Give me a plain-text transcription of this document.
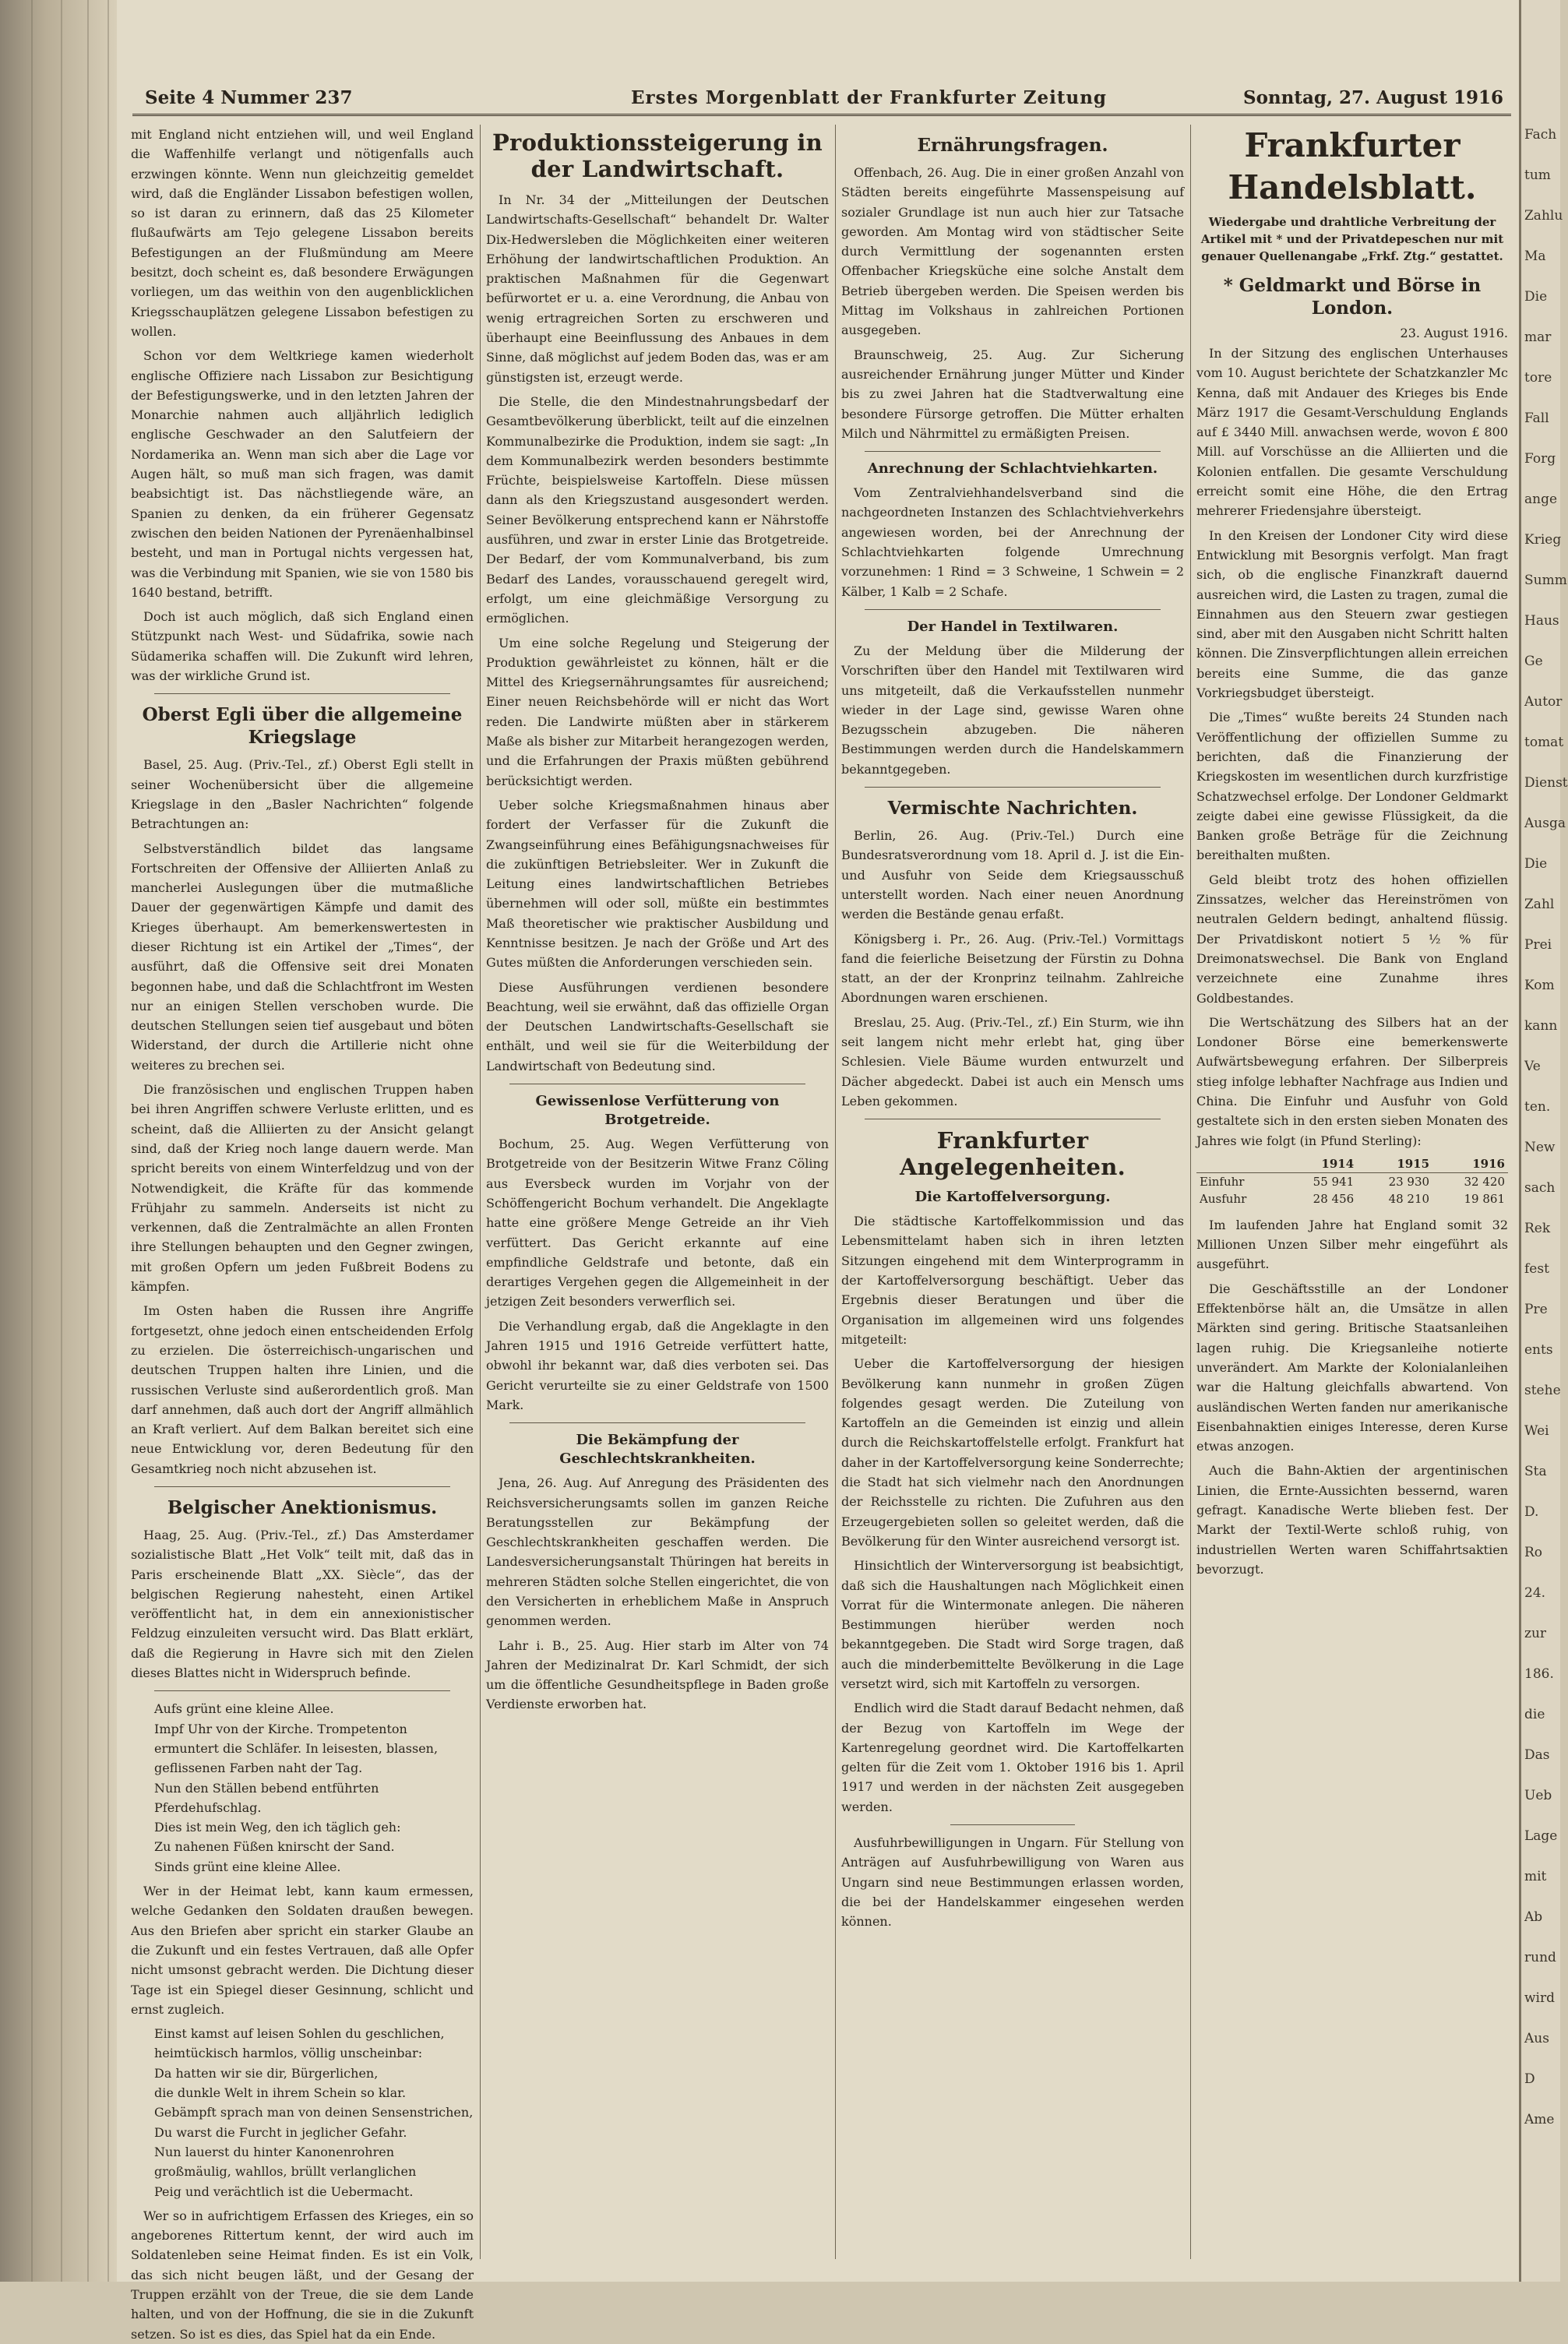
Seite 4 Nummer 237	Erstes Morgenblatt der Frankfurter Zeitung	Sonntag, 27. August 1916

mit England nicht entziehen will, und weil England die Waffenhilfe verlangt und nötigenfalls auch erzwingen könnte. Wenn nun gleichzeitig gemeldet wird, daß die Engländer Lissabon befestigen wollen, so ist daran zu erinnern, daß das 25 Kilometer flußaufwärts am Tejo gelegene Lissabon bereits Befestigungen an der Flußmündung am Meere besitzt, doch scheint es, daß besondere Erwägungen vorliegen, um das weithin von den augenblicklichen Kriegsschauplätzen gelegene Lissabon befestigen zu wollen.

Schon vor dem Weltkriege kamen wiederholt englische Offiziere nach Lissabon zur Besichtigung der Befestigungswerke, und in den letzten Jahren der Monarchie nahmen auch alljährlich lediglich englische Geschwader an den Salutfeiern der Nordamerika an. Wenn man sich aber die Lage vor Augen hält, so muß man sich fragen, was damit beabsichtigt ist. Das nächstliegende wäre, an Spanien zu denken, da ein früherer Gegensatz zwischen den beiden Nationen der Pyrenäenhalbinsel besteht, und man in Portugal nichts vergessen hat, was die Verbindung mit Spanien, wie sie von 1580 bis 1640 bestand, betrifft.

Doch ist auch möglich, daß sich England einen Stützpunkt nach West- und Südafrika, sowie nach Südamerika schaffen will. Die Zukunft wird lehren, was der wirkliche Grund ist.

Oberst Egli über die allgemeine Kriegslage

Basel, 25. Aug. (Priv.-Tel., zf.) Oberst Egli stellt in seiner Wochenübersicht über die allgemeine Kriegslage in den „Basler Nachrichten“ folgende Betrachtungen an:

Selbstverständlich bildet das langsame Fortschreiten der Offensive der Alliierten Anlaß zu mancherlei Auslegungen über die mutmaßliche Dauer der gegenwärtigen Kämpfe und damit des Krieges überhaupt. Am bemerkenswertesten in dieser Richtung ist ein Artikel der „Times“, der ausführt, daß die Offensive seit drei Monaten begonnen habe, und daß die Schlachtfront im Westen nur an einigen Stellen verschoben wurde. Die deutschen Stellungen seien tief ausgebaut und böten Widerstand, der durch die Artillerie nicht ohne weiteres zu brechen sei.

Die französischen und englischen Truppen haben bei ihren Angriffen schwere Verluste erlitten, und es scheint, daß die Alliierten zu der Ansicht gelangt sind, daß der Krieg noch lange dauern werde. Man spricht bereits von einem Winterfeldzug und von der Notwendigkeit, die Kräfte für das kommende Frühjahr zu sammeln. Anderseits ist nicht zu verkennen, daß die Zentralmächte an allen Fronten ihre Stellungen behaupten und den Gegner zwingen, mit großen Opfern um jeden Fußbreit Bodens zu kämpfen.

Im Osten haben die Russen ihre Angriffe fortgesetzt, ohne jedoch einen entscheidenden Erfolg zu erzielen. Die österreichisch-ungarischen und deutschen Truppen halten ihre Linien, und die russischen Verluste sind außerordentlich groß. Man darf annehmen, daß auch dort der Angriff allmählich an Kraft verliert. Auf dem Balkan bereitet sich eine neue Entwicklung vor, deren Bedeutung für den Gesamtkrieg noch nicht abzusehen ist.

Belgischer Anektionismus.

Haag, 25. Aug. (Priv.-Tel., zf.) Das Amsterdamer sozialistische Blatt „Het Volk“ teilt mit, daß das in Paris erscheinende Blatt „XX. Siècle“, das der belgischen Regierung nahesteht, einen Artikel veröffentlicht hat, in dem ein annexionistischer Feldzug einzuleiten versucht wird. Das Blatt erklärt, daß die Regierung in Havre sich mit den Zielen dieses Blattes nicht in Widerspruch befinde.

Aufs grünt eine kleine Allee.
Impf Uhr von der Kirche. Trompetenton
ermuntert die Schläfer. In leisesten, blassen,
geflissenen Farben naht der Tag.
Nun den Ställen bebend entführten Pferdehufschlag.
Dies ist mein Weg, den ich täglich geh:
Zu nahenen Füßen knirscht der Sand.
Sinds grünt eine kleine Allee.

Wer in der Heimat lebt, kann kaum ermessen, welche Gedanken den Soldaten draußen bewegen. Aus den Briefen aber spricht ein starker Glaube an die Zukunft und ein festes Vertrauen, daß alle Opfer nicht umsonst gebracht werden. Die Dichtung dieser Tage ist ein Spiegel dieser Gesinnung, schlicht und ernst zugleich.

Einst kamst auf leisen Sohlen du geschlichen,
heimtückisch harmlos, völlig unscheinbar:
Da hatten wir sie dir, Bürgerlichen,
die dunkle Welt in ihrem Schein so klar.
Gebämpft sprach man von deinen Sensenstrichen,
Du warst die Furcht in jeglicher Gefahr.
Nun lauerst du hinter Kanonenrohren
großmäulig, wahllos, brüllt verlanglichen
Peig und verächtlich ist die Uebermacht.

Wer so in aufrichtigem Erfassen des Krieges, ein so angeborenes Rittertum kennt, der wird auch im Soldatenleben seine Heimat finden. Es ist ein Volk, das sich nicht beugen läßt, und der Gesang der Truppen erzählt von der Treue, die sie dem Lande halten, und von der Hoffnung, die sie in die Zukunft setzen. So ist es dies, das Spiel hat da ein Ende.

Produktionssteigerung in der Landwirtschaft.

In Nr. 34 der „Mitteilungen der Deutschen Landwirtschafts-Gesellschaft“ behandelt Dr. Walter Dix-Hedwersleben die Möglichkeiten einer weiteren Erhöhung der landwirtschaftlichen Produktion. An praktischen Maßnahmen für die Gegenwart befürwortet er u. a. eine Verordnung, die Anbau von wenig ertragreichen Sorten zu erschweren und überhaupt eine Beeinflussung des Anbaues in dem Sinne, daß möglichst auf jedem Boden das, was er am günstigsten ist, erzeugt werde.

Die Stelle, die den Mindestnahrungsbedarf der Gesamtbevölkerung überblickt, teilt auf die einzelnen Kommunalbezirke die Produktion, indem sie sagt: „In dem Kommunalbezirk werden besonders bestimmte Früchte, beispielsweise Kartoffeln. Diese müssen dann als den Kriegszustand ausgesondert werden. Seiner Bevölkerung entsprechend kann er Nährstoffe ausführen, und zwar in erster Linie das Brotgetreide. Der Bedarf, der vom Kommunalverband, bis zum Bedarf des Landes, vorausschauend geregelt wird, erfolgt, um eine gleichmäßige Versorgung zu ermöglichen.

Um eine solche Regelung und Steigerung der Produktion gewährleistet zu können, hält er die Mittel des Kriegsernährungsamtes für ausreichend; Einer neuen Reichsbehörde will er nicht das Wort reden. Die Landwirte müßten aber in stärkerem Maße als bisher zur Mitarbeit herangezogen werden, und die Erfahrungen der Praxis müßten gebührend berücksichtigt werden.

Ueber solche Kriegsmaßnahmen hinaus aber fordert der Verfasser für die Zukunft die Zwangseinführung eines Befähigungsnachweises für die zukünftigen Betriebsleiter. Wer in Zukunft die Leitung eines landwirtschaftlichen Betriebes übernehmen will oder soll, müßte ein bestimmtes Maß theoretischer wie praktischer Ausbildung und Kenntnisse besitzen. Je nach der Größe und Art des Gutes müßten die Anforderungen verschieden sein.

Diese Ausführungen verdienen besondere Beachtung, weil sie erwähnt, daß das offizielle Organ der Deutschen Landwirtschafts-Gesellschaft sie enthält, und weil sie für die Weiterbildung der Landwirtschaft von Bedeutung sind.

Gewissenlose Verfütterung von Brotgetreide.

Bochum, 25. Aug. Wegen Verfütterung von Brotgetreide von der Besitzerin Witwe Franz Cöling aus Eversbeck wurden im Vorjahr von der Schöffengericht Bochum verhandelt. Die Angeklagte hatte eine größere Menge Getreide an ihr Vieh verfüttert. Das Gericht erkannte auf eine empfindliche Geldstrafe und betonte, daß ein derartiges Vergehen gegen die Allgemeinheit in der jetzigen Zeit besonders verwerflich sei.

Die Verhandlung ergab, daß die Angeklagte in den Jahren 1915 und 1916 Getreide verfüttert hatte, obwohl ihr bekannt war, daß dies verboten sei. Das Gericht verurteilte sie zu einer Geldstrafe von 1500 Mark.

Die Bekämpfung der Geschlechtskrankheiten.

Jena, 26. Aug. Auf Anregung des Präsidenten des Reichsversicherungsamts sollen im ganzen Reiche Beratungsstellen zur Bekämpfung der Geschlechtskrankheiten geschaffen werden. Die Landesversicherungsanstalt Thüringen hat bereits in mehreren Städten solche Stellen eingerichtet, die von den Versicherten in erheblichem Maße in Anspruch genommen werden.

Lahr i. B., 25. Aug. Hier starb im Alter von 74 Jahren der Medizinalrat Dr. Karl Schmidt, der sich um die öffentliche Gesundheitspflege in Baden große Verdienste erworben hat.

Ernährungsfragen.

Offenbach, 26. Aug. Die in einer großen Anzahl von Städten bereits eingeführte Massenspeisung auf sozialer Grundlage ist nun auch hier zur Tatsache geworden. Am Montag wird von städtischer Seite durch Vermittlung der sogenannten ersten Offenbacher Kriegsküche eine solche Anstalt dem Betrieb übergeben werden. Die Speisen werden bis Mittag im Volkshaus in zahlreichen Portionen ausgegeben.

Braunschweig, 25. Aug. Zur Sicherung ausreichender Ernährung junger Mütter und Kinder bis zu zwei Jahren hat die Stadtverwaltung eine besondere Fürsorge getroffen. Die Mütter erhalten Milch und Nährmittel zu ermäßigten Preisen.

Anrechnung der Schlachtviehkarten.

Vom Zentralviehhandelsverband sind die nachgeordneten Instanzen des Schlachtviehverkehrs angewiesen worden, bei der Anrechnung der Schlachtviehkarten folgende Umrechnung vorzunehmen: 1 Rind = 3 Schweine, 1 Schwein = 2 Kälber, 1 Kalb = 2 Schafe.

Der Handel in Textilwaren.

Zu der Meldung über die Milderung der Vorschriften über den Handel mit Textilwaren wird uns mitgeteilt, daß die Verkaufsstellen nunmehr wieder in der Lage sind, gewisse Waren ohne Bezugsschein abzugeben. Die näheren Bestimmungen werden durch die Handelskammern bekanntgegeben.

Vermischte Nachrichten.

Berlin, 26. Aug. (Priv.-Tel.) Durch eine Bundesratsverordnung vom 18. April d. J. ist die Ein- und Ausfuhr von Seide dem Kriegsausschuß unterstellt worden. Nach einer neuen Anordnung werden die Bestände genau erfaßt.

Königsberg i. Pr., 26. Aug. (Priv.-Tel.) Vormittags fand die feierliche Beisetzung der Fürstin zu Dohna statt, an der der Kronprinz teilnahm. Zahlreiche Abordnungen waren erschienen.

Breslau, 25. Aug. (Priv.-Tel., zf.) Ein Sturm, wie ihn seit langem nicht mehr erlebt hat, ging über Schlesien. Viele Bäume wurden entwurzelt und Dächer abgedeckt. Dabei ist auch ein Mensch ums Leben gekommen.

Frankfurter Angelegenheiten.
Die Kartoffelversorgung.

Die städtische Kartoffelkommission und das Lebensmittelamt haben sich in ihren letzten Sitzungen eingehend mit dem Winterprogramm in der Kartoffelversorgung beschäftigt. Ueber das Ergebnis dieser Beratungen und über die Organisation im allgemeinen wird uns folgendes mitgeteilt:

Ueber die Kartoffelversorgung der hiesigen Bevölkerung kann nunmehr in großen Zügen folgendes gesagt werden. Die Zuteilung von Kartoffeln an die Gemeinden ist einzig und allein durch die Reichskartoffelstelle erfolgt. Frankfurt hat daher in der Kartoffelversorgung keine Sonderrechte; die Stadt hat sich vielmehr nach den Anordnungen der Reichsstelle zu richten. Die Zufuhren aus den Erzeugergebieten sollen so geleitet werden, daß die Bevölkerung für den Winter ausreichend versorgt ist.

Hinsichtlich der Winterversorgung ist beabsichtigt, daß sich die Haushaltungen nach Möglichkeit einen Vorrat für die Wintermonate anlegen. Die näheren Bestimmungen hierüber werden noch bekanntgegeben. Die Stadt wird Sorge tragen, daß auch die minderbemittelte Bevölkerung in die Lage versetzt wird, sich mit Kartoffeln zu versorgen.

Endlich wird die Stadt darauf Bedacht nehmen, daß der Bezug von Kartoffeln im Wege der Kartenregelung geordnet wird. Die Kartoffelkarten gelten für die Zeit vom 1. Oktober 1916 bis 1. April 1917 und werden in der nächsten Zeit ausgegeben werden.

Ausfuhrbewilligungen in Ungarn. Für Stellung von Anträgen auf Ausfuhrbewilligung von Waren aus Ungarn sind neue Bestimmungen erlassen worden, die bei der Handelskammer eingesehen werden können.

Frankfurter Handelsblatt.
Wiedergabe und drahtliche Verbreitung der Artikel mit * und der Privatdepeschen nur mit genauer Quellenangabe „Frkf. Ztg.“ gestattet.
* Geldmarkt und Börse in London.

23. August 1916.

In der Sitzung des englischen Unterhauses vom 10. August berichtete der Schatzkanzler Mc Kenna, daß mit Andauer des Krieges bis Ende März 1917 die Gesamt-Verschuldung Englands auf £ 3440 Mill. anwachsen werde, wovon £ 800 Mill. auf Vorschüsse an die Alliierten und die Kolonien entfallen. Die gesamte Verschuldung erreicht somit eine Höhe, die den Ertrag mehrerer Friedensjahre übersteigt.

In den Kreisen der Londoner City wird diese Entwicklung mit Besorgnis verfolgt. Man fragt sich, ob die englische Finanzkraft dauernd ausreichen wird, die Lasten zu tragen, zumal die Einnahmen aus den Steuern zwar gestiegen sind, aber mit den Ausgaben nicht Schritt halten können. Die Zinsverpflichtungen allein erreichen bereits eine Summe, die das ganze Vorkriegsbudget übersteigt.

Die „Times“ wußte bereits 24 Stunden nach Veröffentlichung der offiziellen Summe zu berichten, daß die Finanzierung der Kriegskosten im wesentlichen durch kurzfristige Schatzwechsel erfolge. Der Londoner Geldmarkt zeigte dabei eine gewisse Flüssigkeit, da die Banken große Beträge für die Zeichnung bereithalten mußten.

Geld bleibt trotz des hohen offiziellen Zinssatzes, welcher das Hereinströmen von neutralen Geldern bedingt, anhaltend flüssig. Der Privatdiskont notiert 5 ½ % für Dreimonatswechsel. Die Bank von England verzeichnete eine Zunahme ihres Goldbestandes.

Die Wertschätzung des Silbers hat an der Londoner Börse eine bemerkenswerte Aufwärtsbewegung erfahren. Der Silberpreis stieg infolge lebhafter Nachfrage aus Indien und China. Die Einfuhr und Ausfuhr von Gold gestaltete sich in den ersten sieben Monaten des Jahres wie folgt (in Pfund Sterling):

	1914	1915	1916
Einfuhr	55 941	23 930	32 420
Ausfuhr	28 456	48 210	19 861

Im laufenden Jahre hat England somit 32 Millionen Unzen Silber mehr eingeführt als ausgeführt.

Die Geschäftsstille an der Londoner Effektenbörse hält an, die Umsätze in allen Märkten sind gering. Britische Staatsanleihen lagen ruhig. Die Kriegsanleihe notierte unverändert. Am Markte der Kolonialanleihen war die Haltung gleichfalls abwartend. Von ausländischen Werten fanden nur amerikanische Eisenbahnaktien einiges Interesse, deren Kurse etwas anzogen.

Auch die Bahn-Aktien der argentinischen Linien, die Ernte-Aussichten bessernd, waren gefragt. Kanadische Werte blieben fest. Der Markt der Textil-Werte schloß ruhig, von industriellen Werten waren Schiffahrtsaktien bevorzugt.

Fach
tum
Zahlu
Ma
Die
mar
tore
Fall
Forg
ange
Krieg
Summ
Haus
Ge
Autor
tomat
Dienst
Ausga
Die
Zahl
Prei
Kom
kann
Ve
ten.
New
sach
Rek
fest
Pre
ents
stehe
Wei
Sta
D.
Ro
24.
zur
186.
die
Das
Ueb
Lage
mit
Ab
rund
wird
Aus
D
Ame
